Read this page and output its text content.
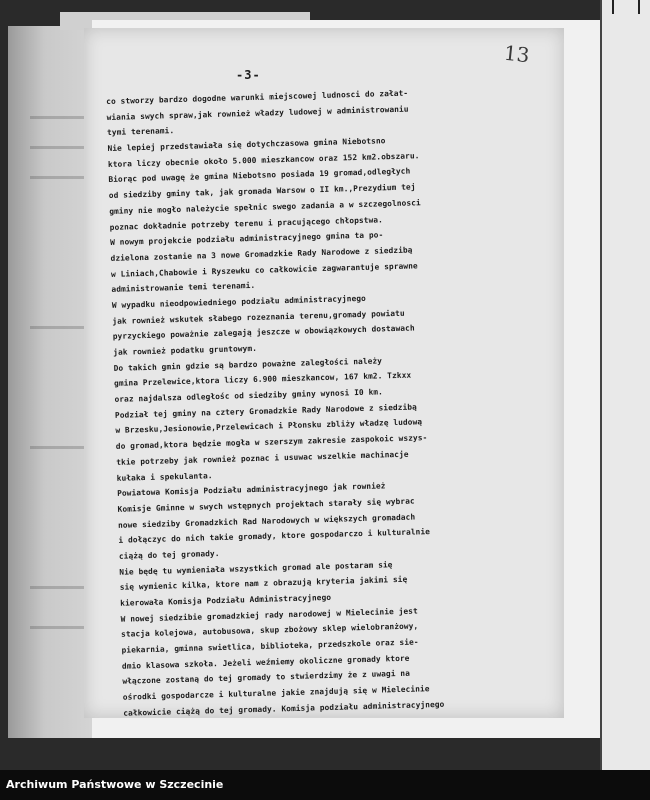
-3-

13

co stworzy bardzo dogodne warunki miejscowej ludnosci do załat-
wiania swych spraw,jak rownież władzy ludowej w administrowaniu
tymi terenami.
Nie lepiej przedstawiała się dotychczasowa gmina Niebotsno
ktora liczy obecnie około 5.000 mieszkancow oraz 152 km2.obszaru.
Biorąc pod uwagę że gmina Niebotsno posiada 19 gromad,odległych
od siedziby gminy tak, jak gromada Warsow o II km.,Prezydium tej
gminy nie mogło należycie spełnic swego zadania a w szczegolnosci
poznac dokładnie potrzeby terenu i pracującego chłopstwa.
W nowym projekcie podziału administracyjnego gmina ta po-
dzielona zostanie na 3 nowe Gromadzkie Rady Narodowe z siedzibą
w Liniach,Chabowie i Ryszewku co całkowicie zagwarantuje sprawne
administrowanie temi terenami.
W wypadku nieodpowiedniego podziału administracyjnego
jak rownież wskutek słabego rozeznania terenu,gromady powiatu
pyrzyckiego poważnie zalegają jeszcze w obowiązkowych dostawach
jak rownież podatku gruntowym.
Do takich gmin gdzie są bardzo poważne zaległości należy
gmina Przelewice,ktora liczy 6.900 mieszkancow, 167 km2. Tzkxx
oraz najdalsza odległośc od siedziby gminy wynosi I0 km.
Podział tej gminy na cztery Gromadzkie Rady Narodowe z siedzibą
w Brzesku,Jesionowie,Przelewicach i Płonsku zbliży władzę ludową
do gromad,ktora będzie mogła w szerszym zakresie zaspokoic wszys-
tkie potrzeby jak rownież poznac i usuwac wszelkie machinacje
kułaka i spekulanta.
Powiatowa Komisja Podziału administracyjnego jak rownież
Komisje Gminne w swych wstępnych projektach starały się wybrac
nowe siedziby Gromadzkich Rad Narodowych w większych gromadach
i dołączyc do nich takie gromady, ktore gospodarczo i kulturalnie
ciążą do tej gromady.
Nie będę tu wymieniała wszystkich gromad ale postaram się
się wymienic kilka, ktore nam z obrazują kryteria jakimi się
kierowała Komisja Podziału Administracyjnego
W nowej siedzibie gromadzkiej rady narodowej w Mielecinie jest
stacja kolejowa, autobusowa, skup zbożowy sklep wielobranżowy,
piekarnia, gminna swietlica, biblioteka, przedszkole oraz sie-
dmio klasowa szkoła. Jeżeli weźmiemy okoliczne gromady ktore
włączone zostaną do tej gromady to stwierdzimy że z uwagi na
ośrodki gospodarcze i kulturalne jakie znajdują się w Mielecinie
całkowicie ciążą do tej gromady. Komisja podziału administracyjnego

Archiwum Państwowe w Szczecinie
